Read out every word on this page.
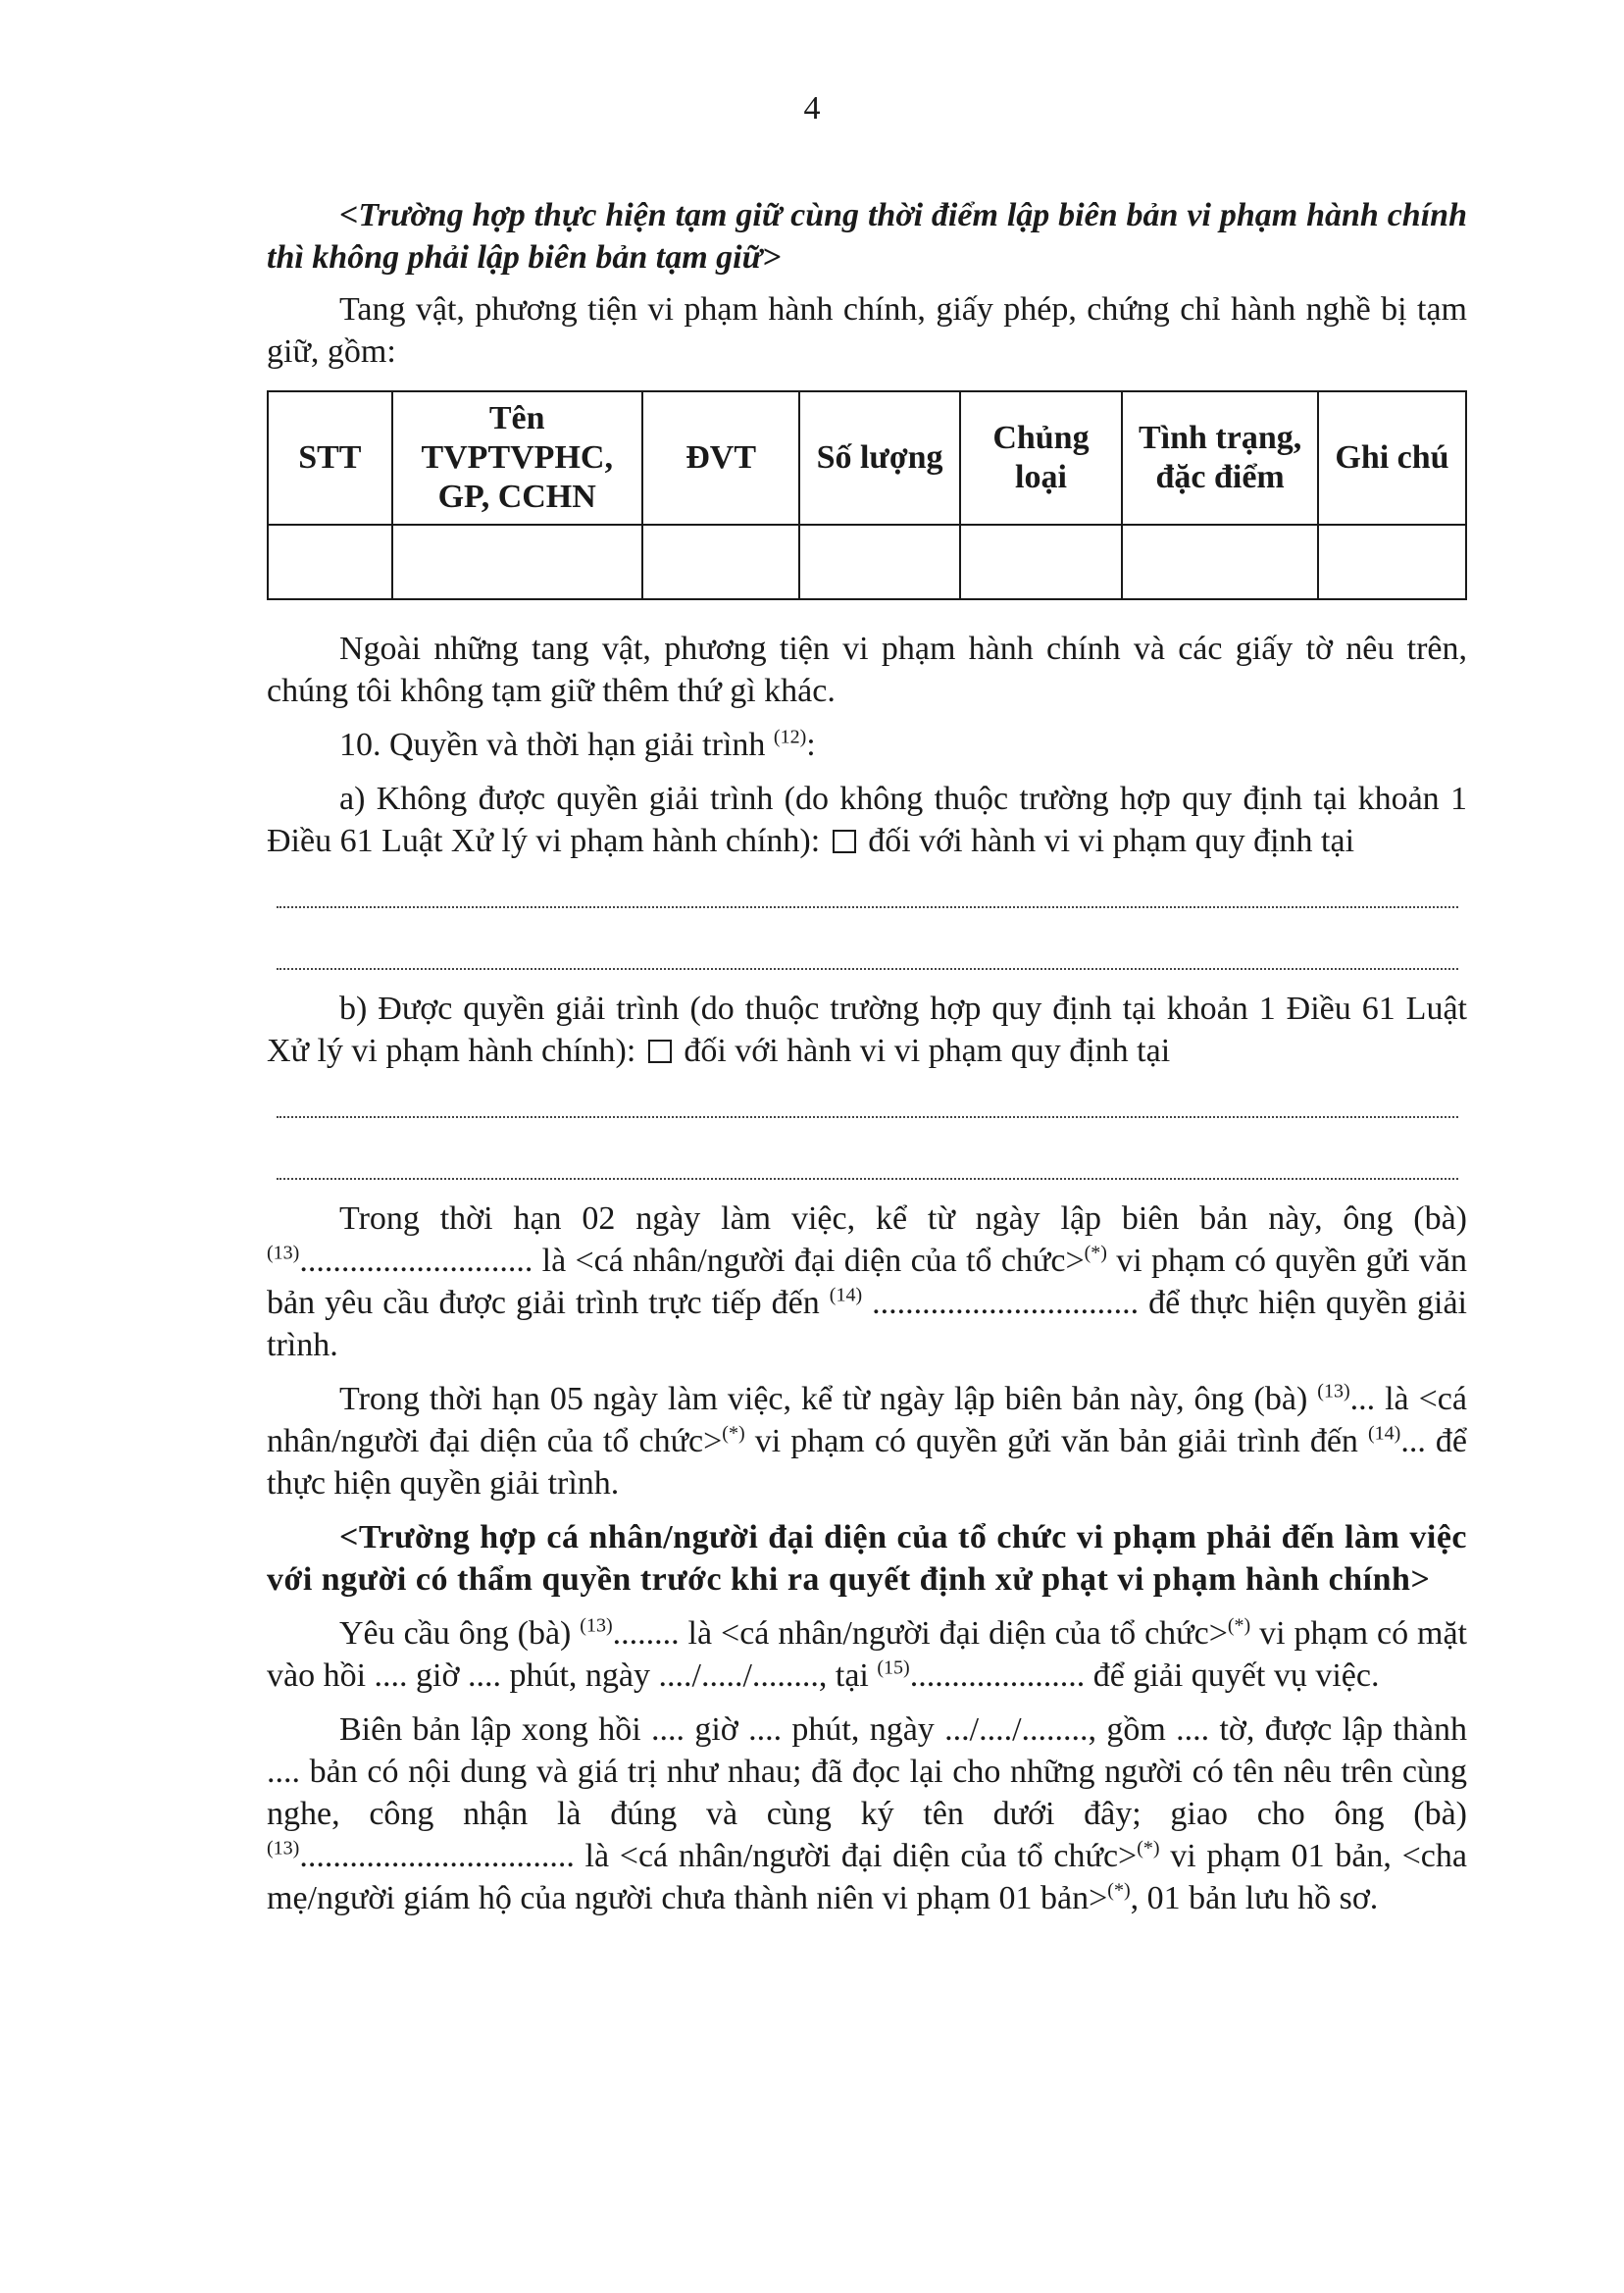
4

<Trường hợp thực hiện tạm giữ cùng thời điểm lập biên bản vi phạm hành chính thì không phải lập biên bản tạm giữ>

Tang vật, phương tiện vi phạm hành chính, giấy phép, chứng chỉ hành nghề bị tạm giữ, gồm:

STT	Tên TVPTVPHC, GP, CCHN	ĐVT	Số lượng	Chủng loại	Tình trạng, đặc điểm	Ghi chú

Ngoài những tang vật, phương tiện vi phạm hành chính và các giấy tờ nêu trên, chúng tôi không tạm giữ thêm thứ gì khác.

10. Quyền và thời hạn giải trình $^{(12)}$:

a) Không được quyền giải trình (do không thuộc trường hợp quy định tại khoản 1 Điều 61 Luật Xử lý vi phạm hành chính): đối với hành vi vi phạm quy định tại

b) Được quyền giải trình (do thuộc trường hợp quy định tại khoản 1 Điều 61 Luật Xử lý vi phạm hành chính): đối với hành vi vi phạm quy định tại

Trong thời hạn 02 ngày làm việc, kể từ ngày lập biên bản này, ông (bà) $^{(13)}$............................ là <cá nhân/người đại diện của tổ chức>(*) vi phạm có quyền gửi văn bản yêu cầu được giải trình trực tiếp đến $^{(14)}$ ................................ để thực hiện quyền giải trình.

Trong thời hạn 05 ngày làm việc, kể từ ngày lập biên bản này, ông (bà) $^{(13)}$... là <cá nhân/người đại diện của tổ chức>(*) vi phạm có quyền gửi văn bản giải trình đến $^{(14)}$... để thực hiện quyền giải trình.

<Trường hợp cá nhân/người đại diện của tổ chức vi phạm phải đến làm việc với người có thẩm quyền trước khi ra quyết định xử phạt vi phạm hành chính>

Yêu cầu ông (bà) $^{(13)}$........ là <cá nhân/người đại diện của tổ chức>(*) vi phạm có mặt vào hồi .... giờ .... phút, ngày ..../...../........, tại $^{(15)}$..................... để giải quyết vụ việc.

Biên bản lập xong hồi .... giờ .... phút, ngày .../..../........, gồm .... tờ, được lập thành .... bản có nội dung và giá trị như nhau; đã đọc lại cho những người có tên nêu trên cùng nghe, công nhận là đúng và cùng ký tên dưới đây; giao cho ông (bà) $^{(13)}$................................. là <cá nhân/người đại diện của tổ chức>(*) vi phạm 01 bản, <cha mẹ/người giám hộ của người chưa thành niên vi phạm 01 bản>(*), 01 bản lưu hồ sơ.
